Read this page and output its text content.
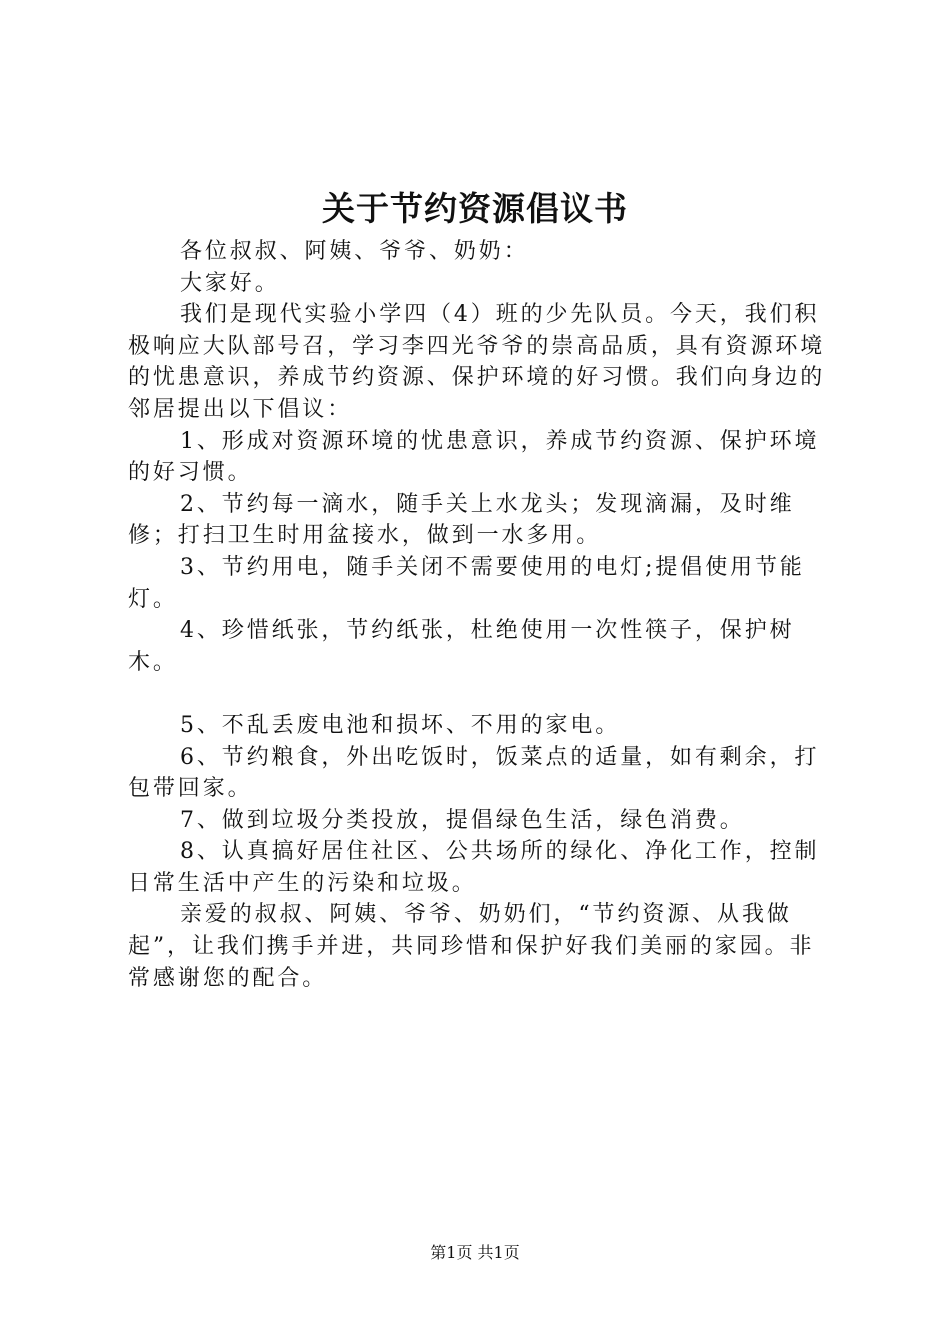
关于节约资源倡议书

各位叔叔、阿姨、爷爷、奶奶：

大家好。

我们是现代实验小学四（4）班的少先队员。今天，我们积极响应大队部号召，学习李四光爷爷的崇高品质，具有资源环境的忧患意识，养成节约资源、保护环境的好习惯。我们向身边的邻居提出以下倡议：

1、形成对资源环境的忧患意识，养成节约资源、保护环境的好习惯。

2、节约每一滴水，随手关上水龙头；发现滴漏，及时维修；打扫卫生时用盆接水，做到一水多用。

3、节约用电，随手关闭不需要使用的电灯;提倡使用节能灯。

4、珍惜纸张，节约纸张，杜绝使用一次性筷子，保护树木。

5、不乱丢废电池和损坏、不用的家电。

6、节约粮食，外出吃饭时，饭菜点的适量，如有剩余，打包带回家。

7、做到垃圾分类投放，提倡绿色生活，绿色消费。

8、认真搞好居住社区、公共场所的绿化、净化工作，控制日常生活中产生的污染和垃圾。

亲爱的叔叔、阿姨、爷爷、奶奶们，“节约资源、从我做起”，让我们携手并进，共同珍惜和保护好我们美丽的家园。非常感谢您的配合。

第1页 共1页
